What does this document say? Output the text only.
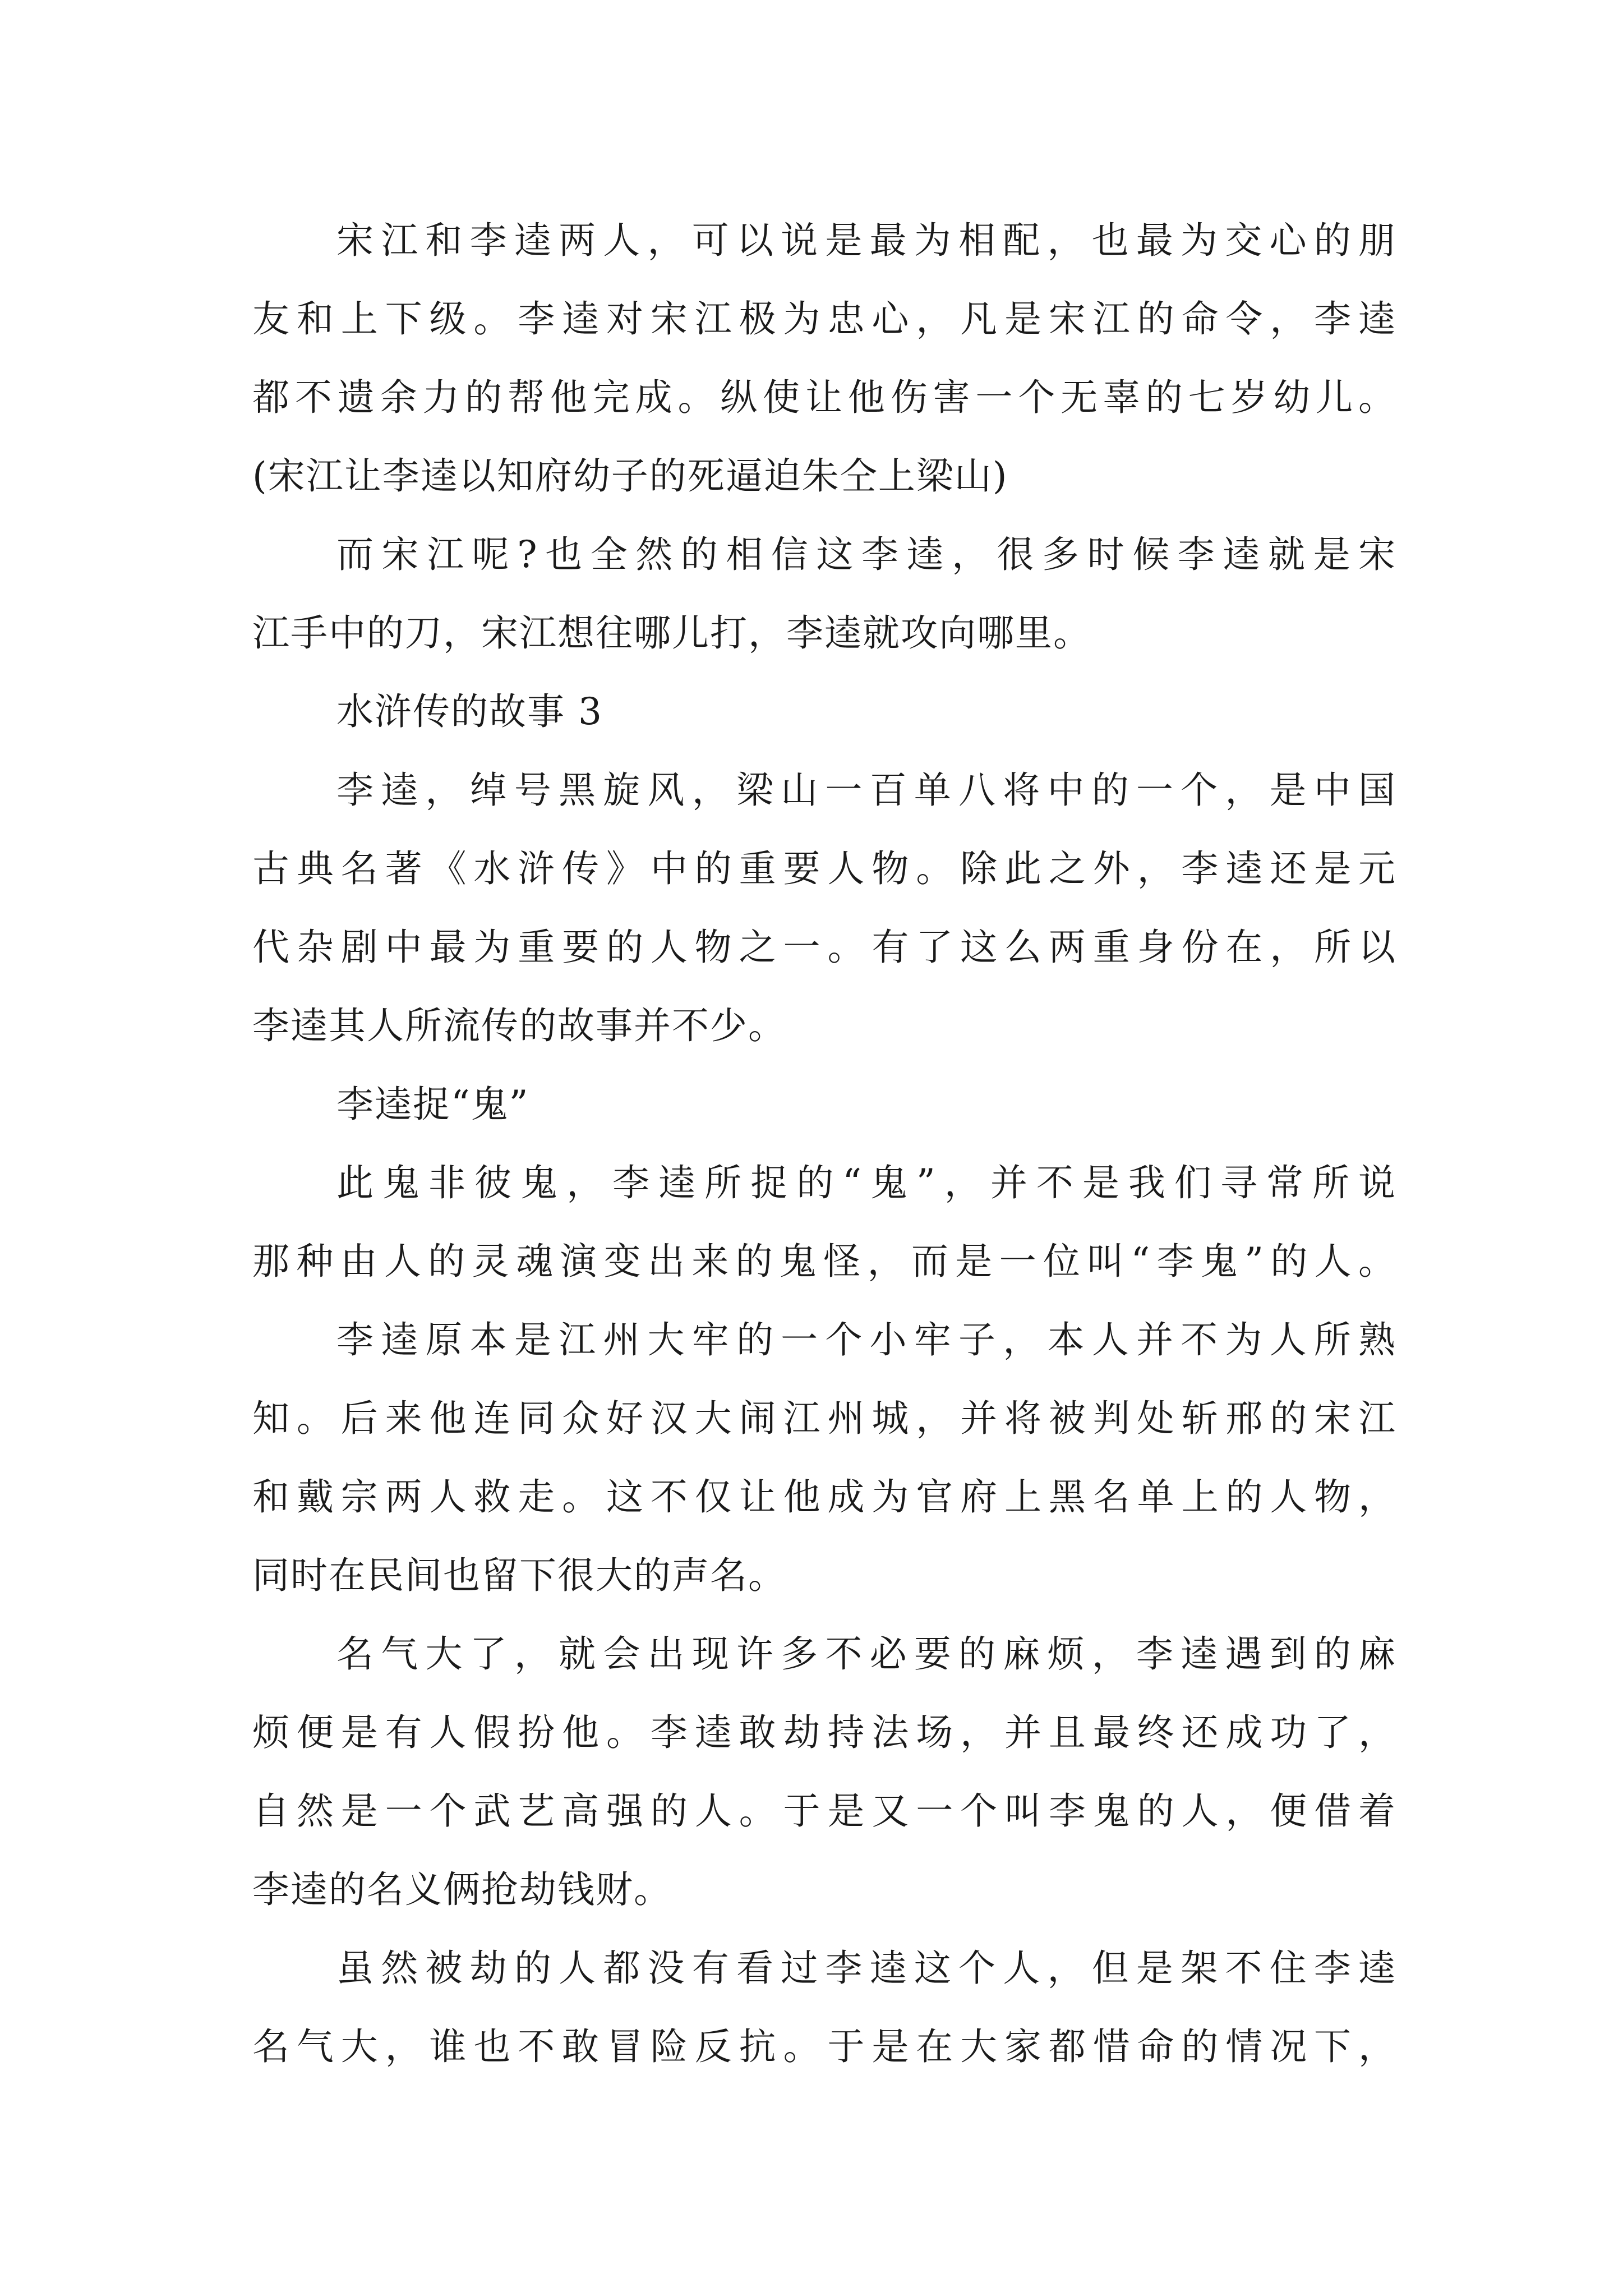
宋江和李逵两人，可以说是最为相配，也最为交心的朋
友和上下级。李逵对宋江极为忠心，凡是宋江的命令，李逵
都不遗余力的帮他完成。纵使让他伤害一个无辜的七岁幼儿。
(宋江让李逵以知府幼子的死逼迫朱仝上梁山)
而宋江呢?也全然的相信这李逵，很多时候李逵就是宋
江手中的刀，宋江想往哪儿打，李逵就攻向哪里。
水浒传的故事 3
李逵，绰号黑旋风，梁山一百单八将中的一个，是中国
古典名著《水浒传》中的重要人物。除此之外，李逵还是元
代杂剧中最为重要的人物之一。有了这么两重身份在，所以
李逵其人所流传的故事并不少。
李逵捉“鬼”
此鬼非彼鬼，李逵所捉的“鬼”，并不是我们寻常所说
那种由人的灵魂演变出来的鬼怪，而是一位叫“李鬼”的人。
李逵原本是江州大牢的一个小牢子，本人并不为人所熟
知。后来他连同众好汉大闹江州城，并将被判处斩邢的宋江
和戴宗两人救走。这不仅让他成为官府上黑名单上的人物，
同时在民间也留下很大的声名。
名气大了，就会出现许多不必要的麻烦，李逵遇到的麻
烦便是有人假扮他。李逵敢劫持法场，并且最终还成功了，
自然是一个武艺高强的人。于是又一个叫李鬼的人，便借着
李逵的名义俩抢劫钱财。
虽然被劫的人都没有看过李逵这个人，但是架不住李逵
名气大，谁也不敢冒险反抗。于是在大家都惜命的情况下，
